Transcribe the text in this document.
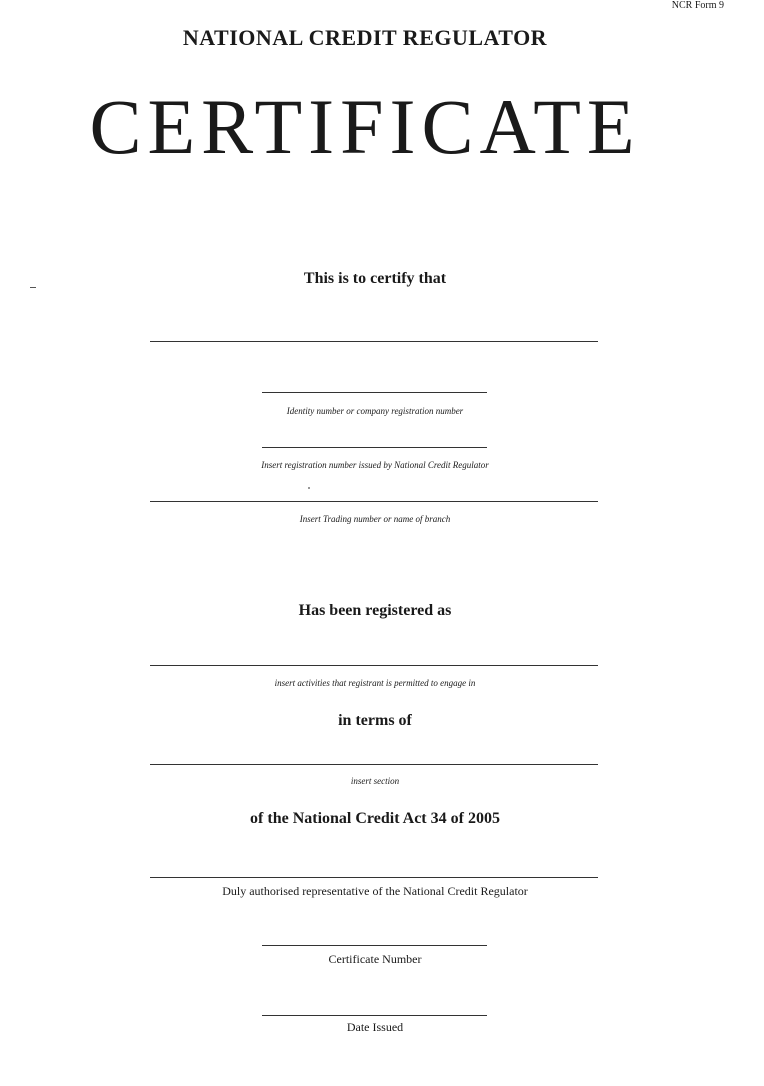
NCR Form 9
NATIONAL CREDIT REGULATOR
CERTIFICATE
This is to certify that
Identity number or company registration number
Insert registration number issued by National Credit Regulator
Insert Trading number or name of branch
Has been registered as
insert activities that registrant is permitted to engage in
in terms of
insert section
of the National Credit Act 34 of 2005
Duly authorised representative of the National Credit Regulator
Certificate Number
Date Issued
